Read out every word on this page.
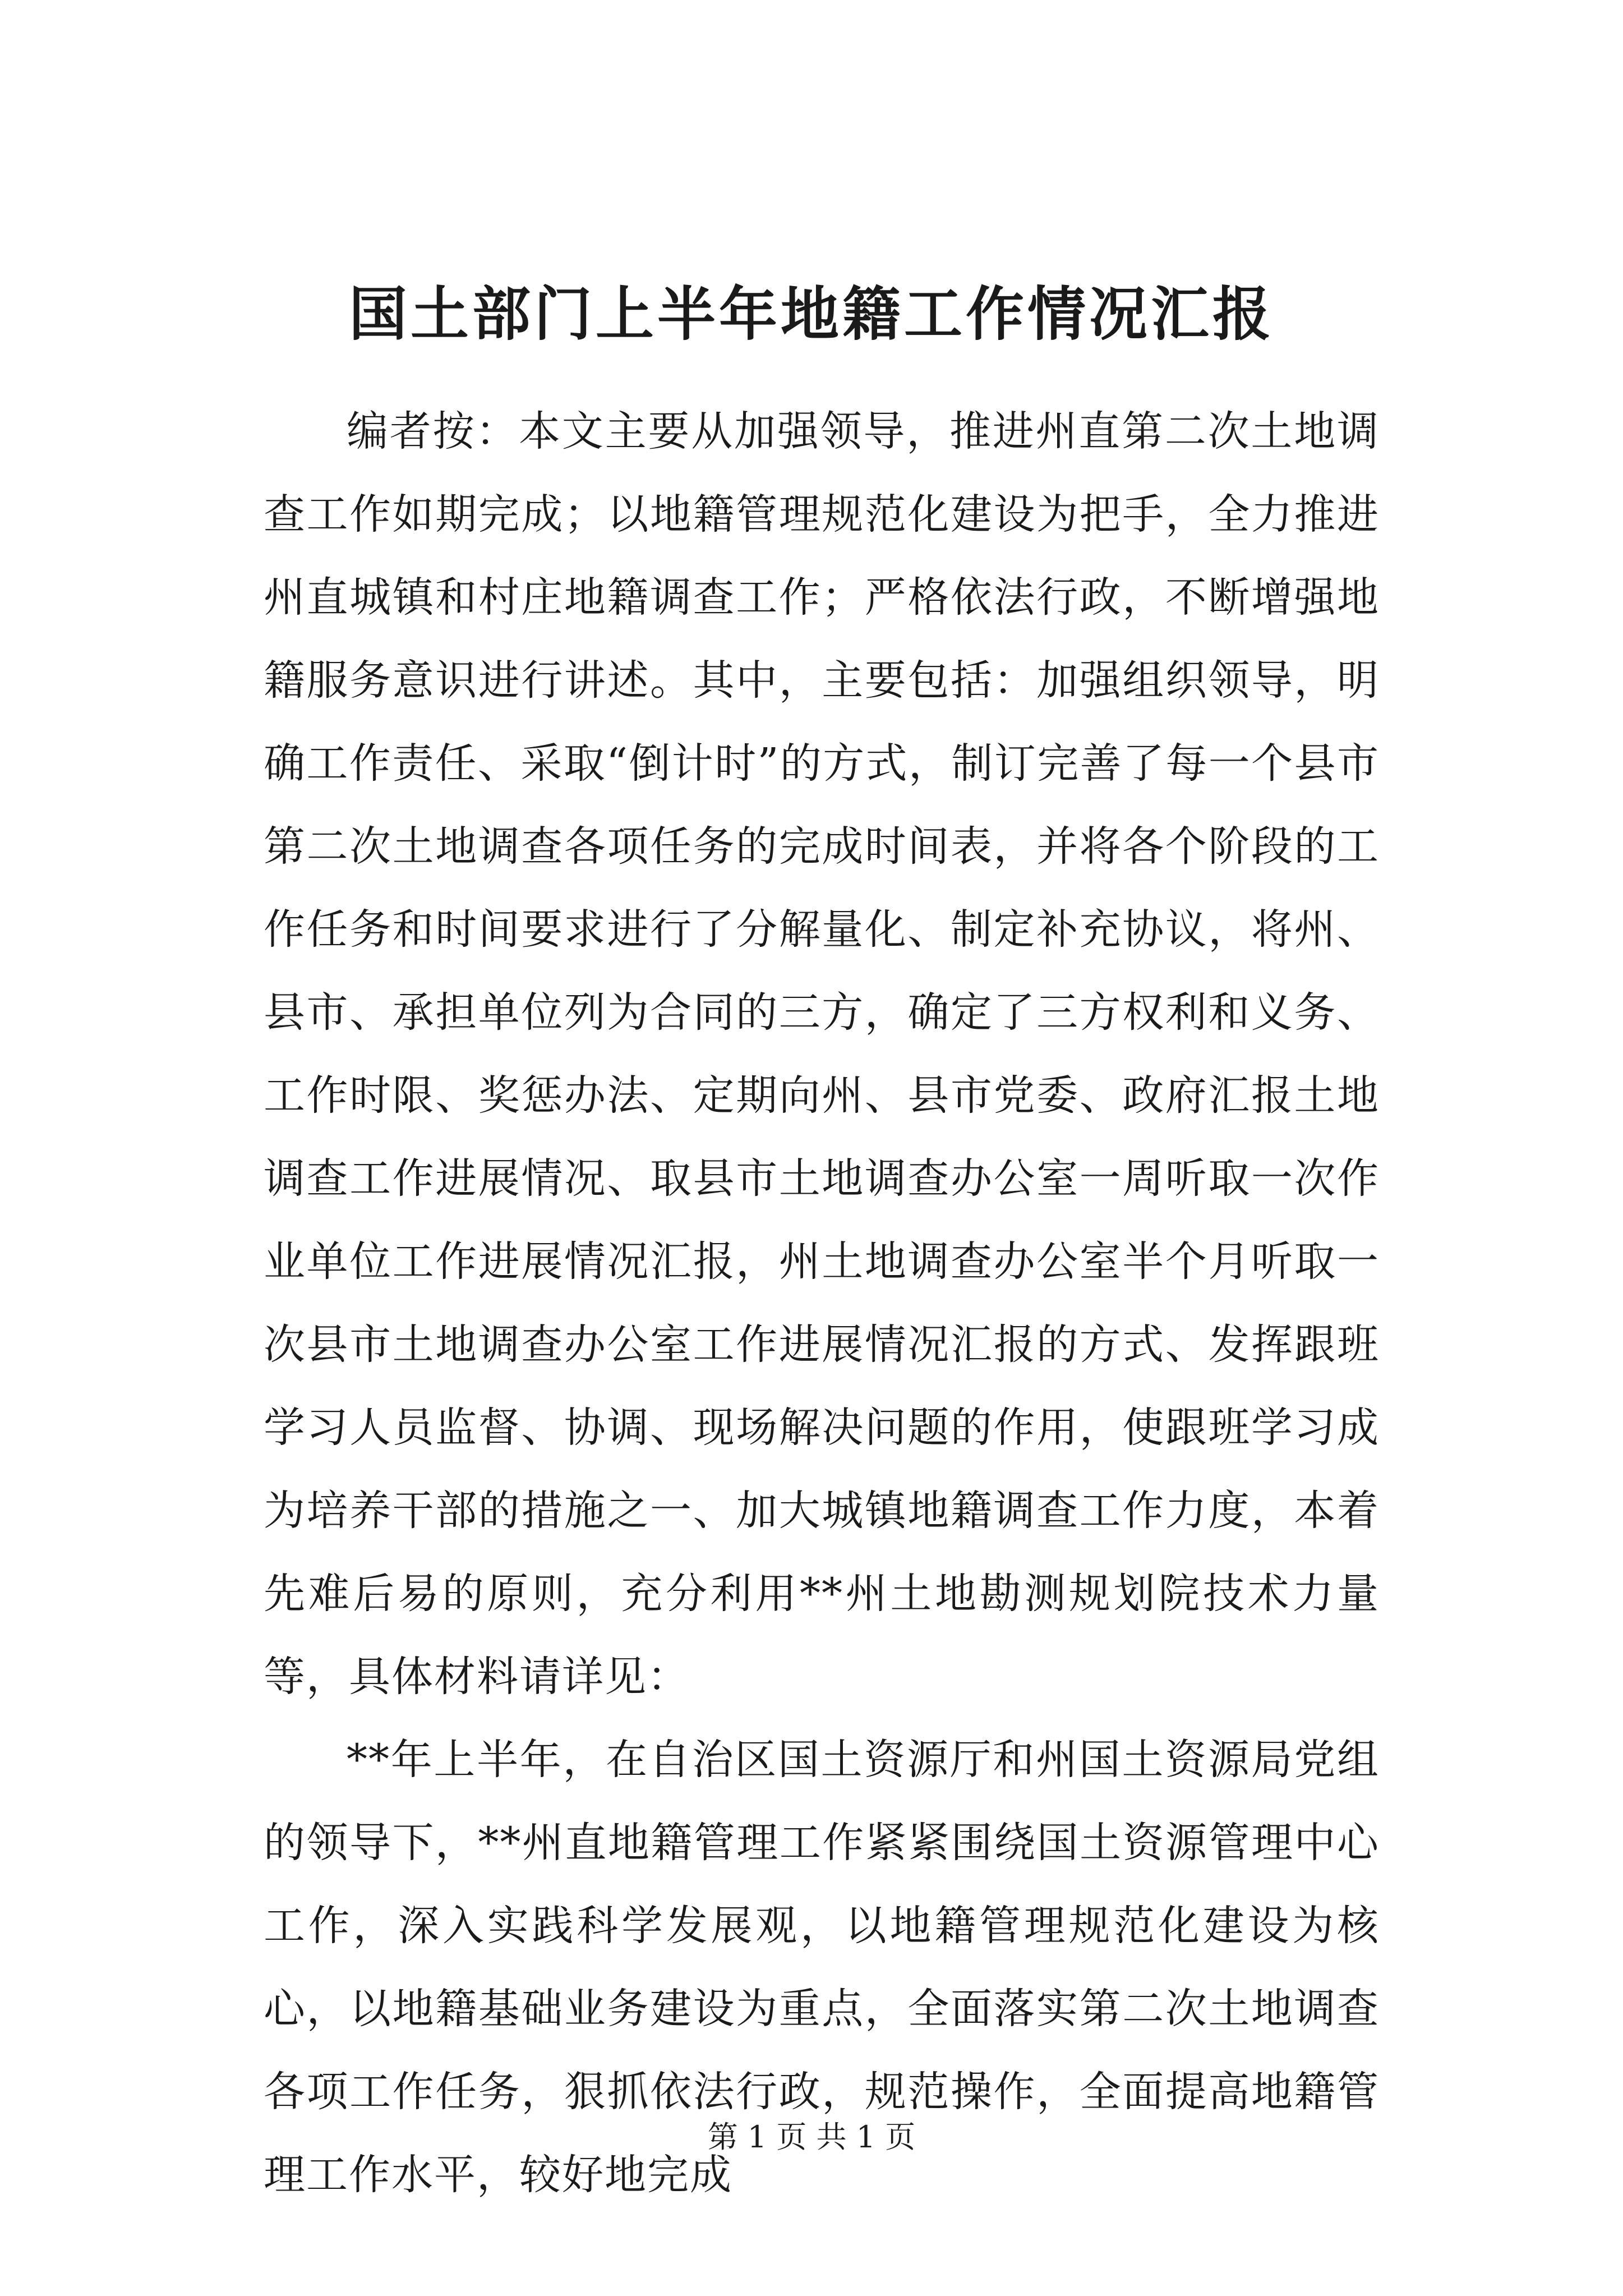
国土部门上半年地籍工作情况汇报

编者按：本文主要从加强领导，推进州直第二次土地调查工作如期完成；以地籍管理规范化建设为把手，全力推进州直城镇和村庄地籍调查工作；严格依法行政，不断增强地籍服务意识进行讲述。其中，主要包括：加强组织领导，明确工作责任、采取“倒计时”的方式，制订完善了每一个县市第二次土地调查各项任务的完成时间表，并将各个阶段的工作任务和时间要求进行了分解量化、制定补充协议，将州、县市、承担单位列为合同的三方，确定了三方权利和义务、工作时限、奖惩办法、定期向州、县市党委、政府汇报土地调查工作进展情况、取县市土地调查办公室一周听取一次作业单位工作进展情况汇报，州土地调查办公室半个月听取一次县市土地调查办公室工作进展情况汇报的方式、发挥跟班学习人员监督、协调、现场解决问题的作用，使跟班学习成为培养干部的措施之一、加大城镇地籍调查工作力度，本着先难后易的原则，充分利用**州土地勘测规划院技术力量等，具体材料请详见：

**年上半年，在自治区国土资源厅和州国土资源局党组的领导下，**州直地籍管理工作紧紧围绕国土资源管理中心工作，深入实践科学发展观，以地籍管理规范化建设为核心，以地籍基础业务建设为重点，全面落实第二次土地调查各项工作任务，狠抓依法行政，规范操作，全面提高地籍管理工作水平，较好地完成

第 1 页 共 1 页
